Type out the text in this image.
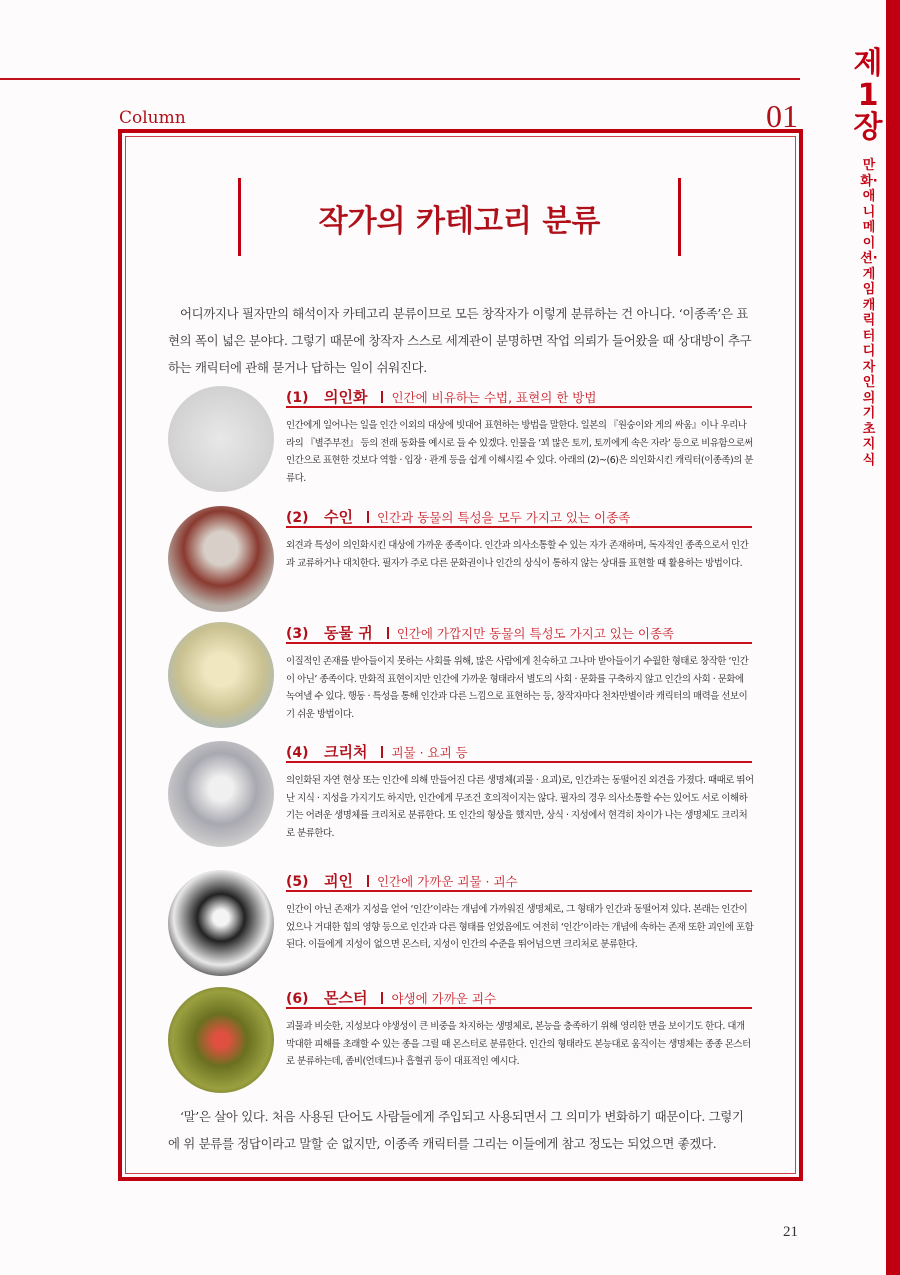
제
1
장
만화·애니메이션·게임 캐릭터 디자인의 기초 지식
Column	01
작가의 카테고리 분류
어디까지나 필자만의 해석이자 카테고리 분류이므로 모든 창작자가 이렇게 분류하는 건 아니다. ‘이종족’은 표현의 폭이 넓은 분야다. 그렇기 때문에 창작자 스스로 세계관이 분명하면 작업 의뢰가 들어왔을 때 상대방이 추구하는 캐릭터에 관해 묻거나 답하는 일이 쉬워진다.
(1) 의인화 인간에 비유하는 수법, 표현의 한 방법
인간에게 일어나는 일을 인간 이외의 대상에 빗대어 표현하는 방법을 말한다. 일본의 『원숭이와 게의 싸움』이나 우리나라의 『별주부전』 등의 전래 동화를 예시로 들 수 있겠다. 인물을 ‘꾀 많은 토끼, 토끼에게 속은 자라’ 등으로 비유함으로써 인간으로 표현한 것보다 역할 · 입장 · 관계 등을 쉽게 이해시킬 수 있다. 아래의 (2)~(6)은 의인화시킨 캐릭터(이종족)의 분류다.
(2) 수인 인간과 동물의 특성을 모두 가지고 있는 이종족
외견과 특성이 의인화시킨 대상에 가까운 종족이다. 인간과 의사소통할 수 있는 자가 존재하며, 독자적인 종족으로서 인간과 교류하거나 대치한다. 필자가 주로 다른 문화권이나 인간의 상식이 통하지 않는 상대를 표현할 때 활용하는 방법이다.
(3) 동물 귀 인간에 가깝지만 동물의 특성도 가지고 있는 이종족
이질적인 존재를 받아들이지 못하는 사회를 위해, 많은 사람에게 친숙하고 그나마 받아들이기 수월한 형태로 창작한 ‘인간이 아닌’ 종족이다. 만화적 표현이지만 인간에 가까운 형태라서 별도의 사회 · 문화를 구축하지 않고 인간의 사회 · 문화에 녹여낼 수 있다. 행동 · 특성을 통해 인간과 다른 느낌으로 표현하는 등, 창작자마다 천차만별이라 캐릭터의 매력을 선보이기 쉬운 방법이다.
(4) 크리처 괴물 · 요괴 등
의인화된 자연 현상 또는 인간에 의해 만들어진 다른 생명체(괴물 · 요괴)로, 인간과는 동떨어진 외견을 가졌다. 때때로 뛰어난 지식 · 지성을 가지기도 하지만, 인간에게 무조건 호의적이지는 않다. 필자의 경우 의사소통할 수는 있어도 서로 이해하기는 어려운 생명체를 크리처로 분류한다. 또 인간의 형상을 했지만, 상식 · 지성에서 현격히 차이가 나는 생명체도 크리처로 분류한다.
(5) 괴인 인간에 가까운 괴물 · 괴수
인간이 아닌 존재가 지성을 얻어 ‘인간’이라는 개념에 가까워진 생명체로, 그 형태가 인간과 동떨어져 있다. 본래는 인간이었으나 거대한 힘의 영향 등으로 인간과 다른 형태를 얻었음에도 여전히 ‘인간’이라는 개념에 속하는 존재 또한 괴인에 포함된다. 이들에게 지성이 없으면 몬스터, 지성이 인간의 수준을 뛰어넘으면 크리처로 분류한다.
(6) 몬스터 야생에 가까운 괴수
괴물과 비슷한, 지성보다 야생성이 큰 비중을 차지하는 생명체로, 본능을 충족하기 위해 영리한 면을 보이기도 한다. 대개 막대한 피해를 초래할 수 있는 종을 그릴 때 몬스터로 분류한다. 인간의 형태라도 본능대로 움직이는 생명체는 종종 몬스터로 분류하는데, 좀비(언데드)나 흡혈귀 등이 대표적인 예시다.
‘말’은 살아 있다. 처음 사용된 단어도 사람들에게 주입되고 사용되면서 그 의미가 변화하기 때문이다. 그렇기에 위 분류를 정답이라고 말할 순 없지만, 이종족 캐릭터를 그리는 이들에게 참고 정도는 되었으면 좋겠다.
21
